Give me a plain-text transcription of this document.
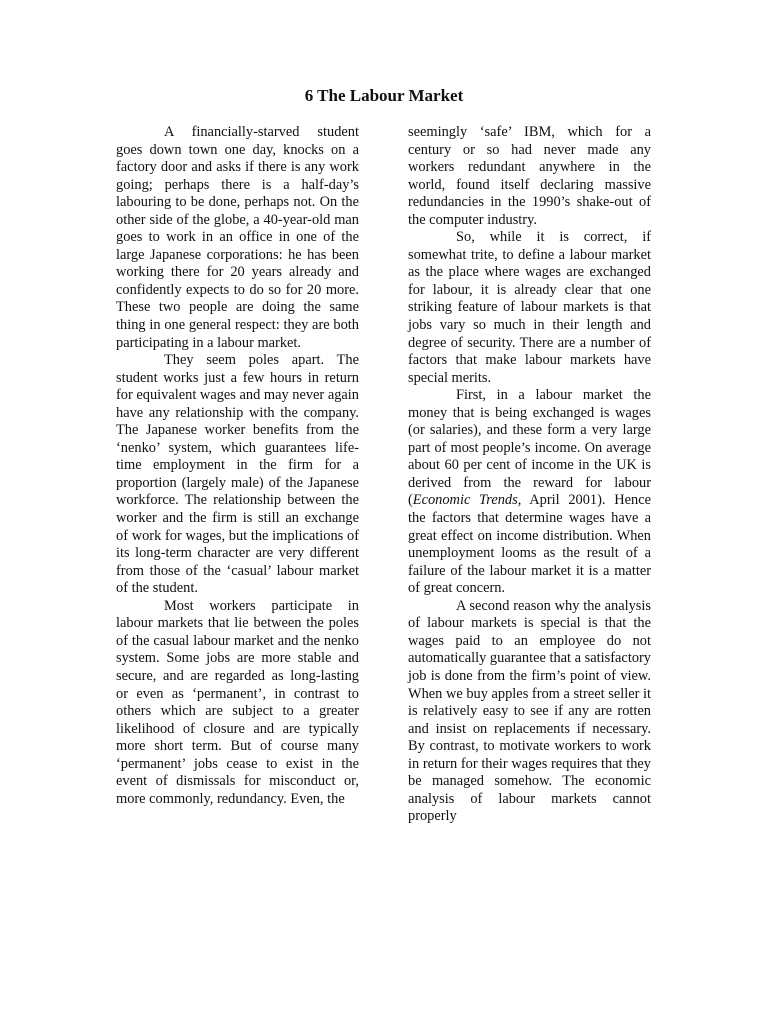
6 The Labour Market

A financially-starved student goes down town one day, knocks on a factory door and asks if there is any work going; perhaps there is a half-day’s labouring to be done, perhaps not. On the other side of the globe, a 40-year-old man goes to work in an office in one of the large Japanese corporations: he has been working there for 20 years already and confidently expects to do so for 20 more. These two people are doing the same thing in one general respect: they are both participating in a labour market.

They seem poles apart. The student works just a few hours in return for equivalent wages and may never again have any relationship with the company. The Japanese worker benefits from the ‘nenko’ system, which guarantees life-time employment in the firm for a proportion (largely male) of the Japanese workforce. The relationship between the worker and the firm is still an exchange of work for wages, but the implications of its long-term character are very different from those of the ‘casual’ labour market of the student.

Most workers participate in labour markets that lie between the poles of the casual labour market and the nenko system. Some jobs are more stable and secure, and are regarded as long-lasting or even as ‘permanent’, in contrast to others which are subject to a greater likelihood of closure and are typically more short term. But of course many ‘permanent’ jobs cease to exist in the event of dismissals for misconduct or, more commonly, redundancy. Even, the

seemingly ‘safe’ IBM, which for a century or so had never made any workers redundant anywhere in the world, found itself declaring massive redundancies in the 1990’s shake-out of the computer industry.

So, while it is correct, if somewhat trite, to define a labour market as the place where wages are exchanged for labour, it is already clear that one striking feature of labour markets is that jobs vary so much in their length and degree of security. There are a number of factors that make labour markets have special merits.

First, in a labour market the money that is being exchanged is wages (or salaries), and these form a very large part of most people’s income. On average about 60 per cent of income in the UK is derived from the reward for labour (Economic Trends, April 2001). Hence the factors that determine wages have a great effect on income distribution. When unemployment looms as the result of a failure of the labour market it is a matter of great concern.

A second reason why the analysis of labour markets is special is that the wages paid to an employee do not automatically guarantee that a satisfactory job is done from the firm’s point of view. When we buy apples from a street seller it is relatively easy to see if any are rotten and insist on replacements if necessary. By contrast, to motivate workers to work in return for their wages requires that they be managed somehow. The economic analysis of labour markets cannot properly
